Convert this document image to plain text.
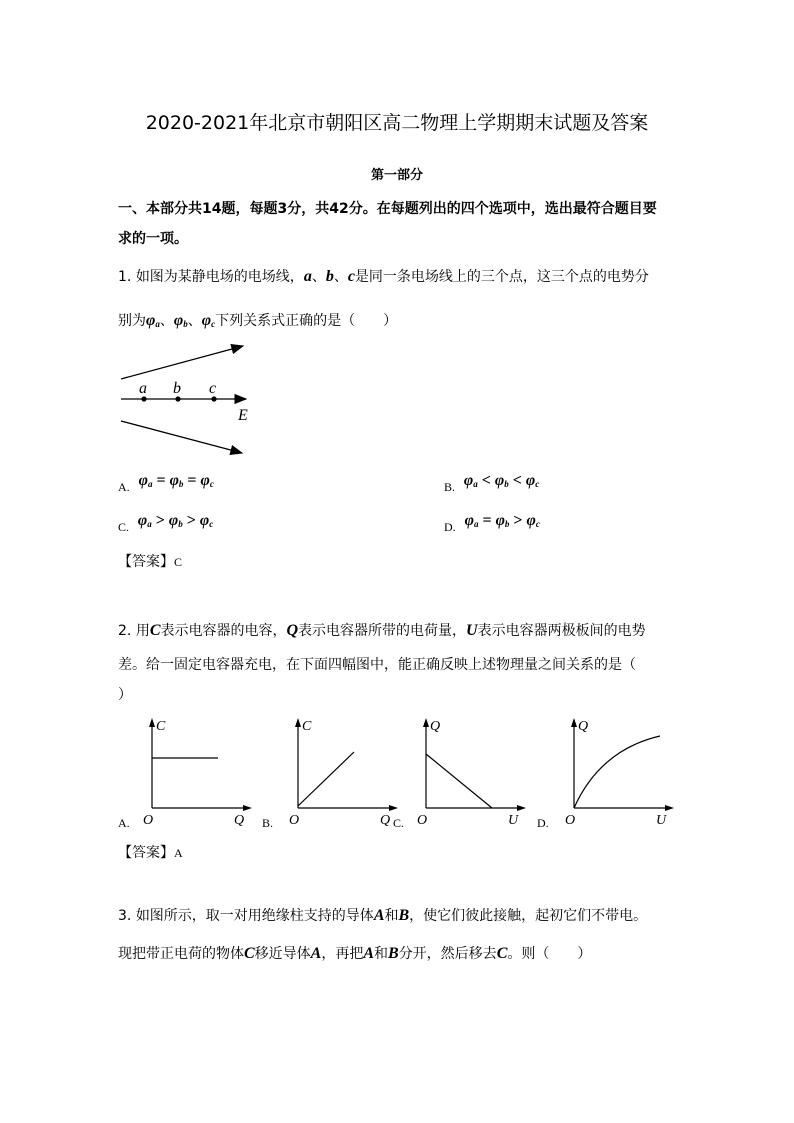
2020-2021年北京市朝阳区高二物理上学期期末试题及答案
第一部分
一、本部分共14题，每题3分，共42分。在每题列出的四个选项中，选出最符合题目要
求的一项。
1. 如图为某静电场的电场线，a、b、c是同一条电场线上的三个点，这三个点的电势分
别为$\varphi_a$、$\varphi_b$、$\varphi_c$下列关系式正确的是（　　）
a b c
E
A. $\varphi_a = \varphi_b = \varphi_c$	B. $\varphi_a < \varphi_b < \varphi_c$
C. $\varphi_a > \varphi_b > \varphi_c$	D. $\varphi_a = \varphi_b > \varphi_c$
【答案】C
2. 用C表示电容器的电容，Q表示电容器所带的电荷量，U表示电容器两极板间的电势
差。给一固定电容器充电，在下面四幅图中，能正确反映上述物理量之间关系的是（
）
A.
C
O	Q B.
C
O	Q C.
Q
O	U D.
Q
O	U
【答案】A
3. 如图所示，取一对用绝缘柱支持的导体A和B，使它们彼此接触，起初它们不带电。
现把带正电荷的物体C移近导体A，再把A和B分开，然后移去C。则（　　）
